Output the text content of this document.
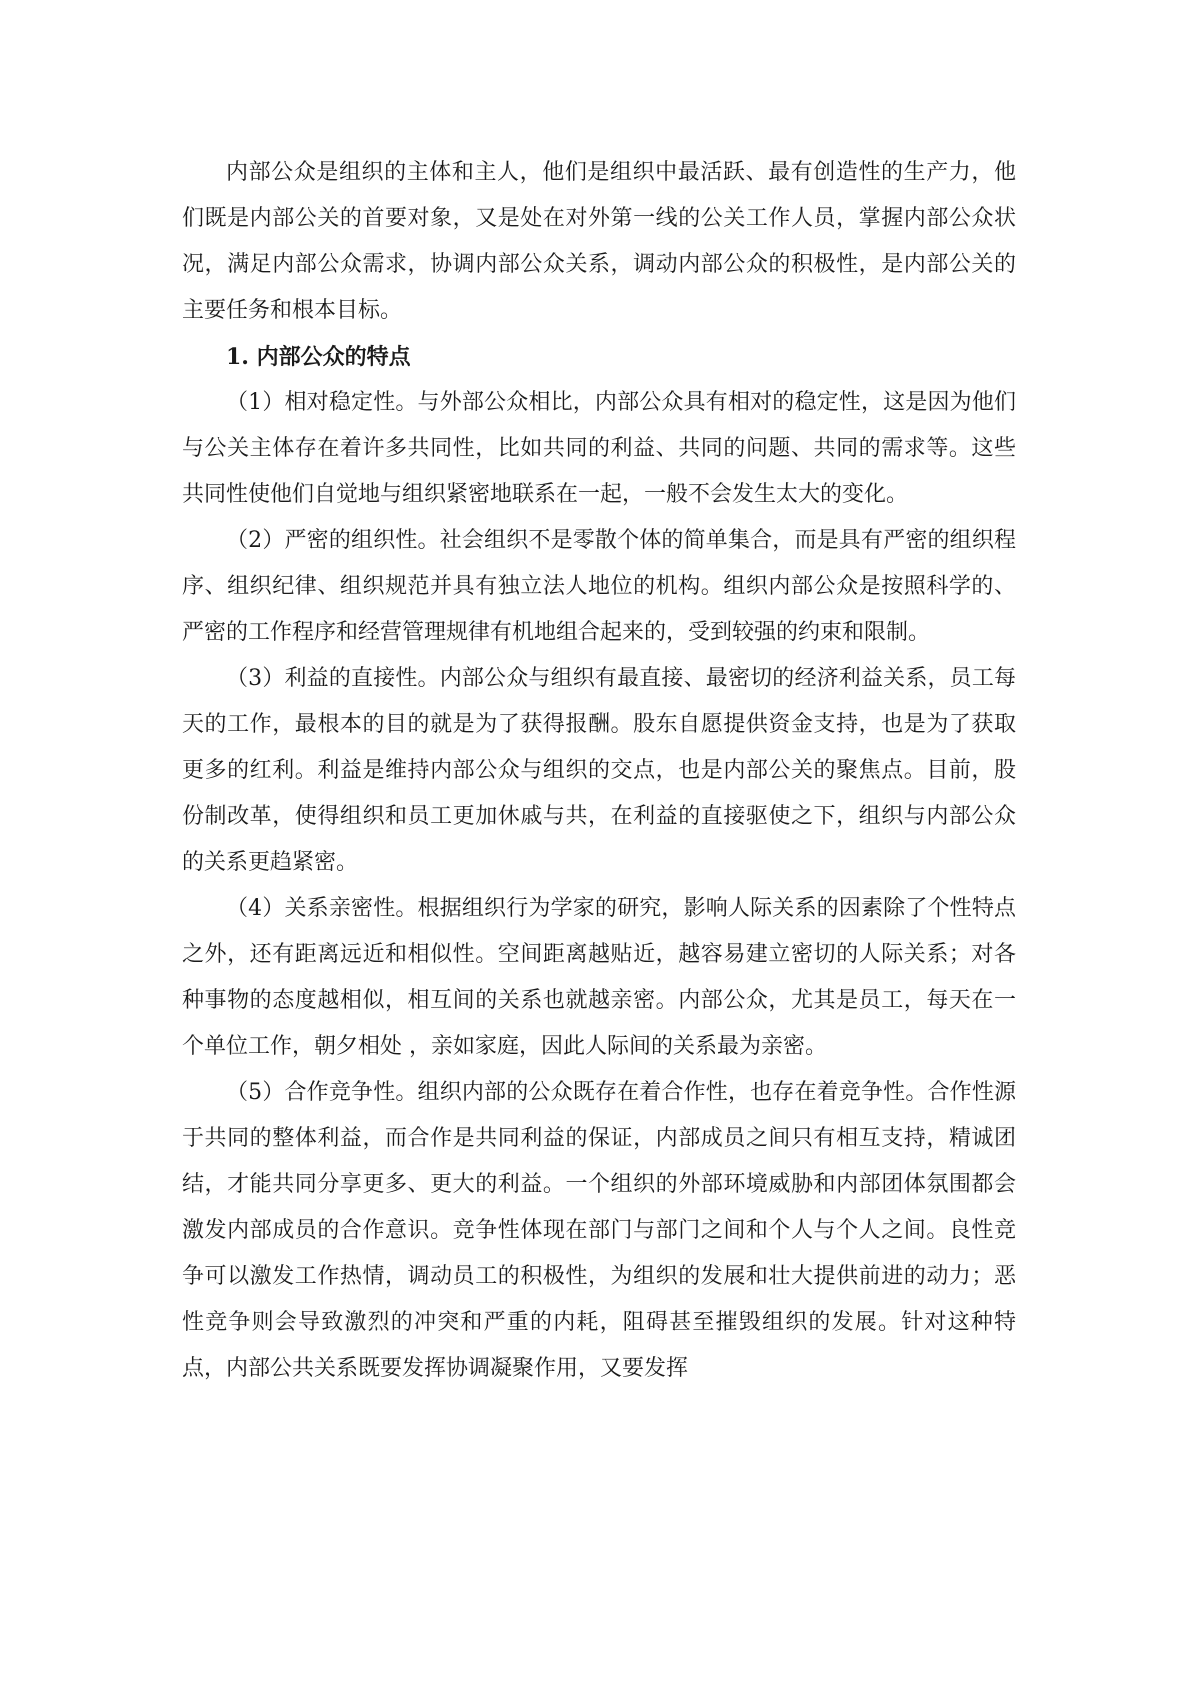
内部公众是组织的主体和主人，他们是组织中最活跃、最有创造性的生产力，他们既是内部公关的首要对象，又是处在对外第一线的公关工作人员，掌握内部公众状况，满足内部公众需求，协调内部公众关系，调动内部公众的积极性，是内部公关的主要任务和根本目标。

1. 内部公众的特点

（1）相对稳定性。与外部公众相比，内部公众具有相对的稳定性，这是因为他们与公关主体存在着许多共同性，比如共同的利益、共同的问题、共同的需求等。这些共同性使他们自觉地与组织紧密地联系在一起，一般不会发生太大的变化。

（2）严密的组织性。社会组织不是零散个体的简单集合，而是具有严密的组织程序、组织纪律、组织规范并具有独立法人地位的机构。组织内部公众是按照科学的、严密的工作程序和经营管理规律有机地组合起来的，受到较强的约束和限制。

（3）利益的直接性。内部公众与组织有最直接、最密切的经济利益关系，员工每天的工作，最根本的目的就是为了获得报酬。股东自愿提供资金支持，也是为了获取更多的红利。利益是维持内部公众与组织的交点，也是内部公关的聚焦点。目前，股份制改革，使得组织和员工更加休戚与共，在利益的直接驱使之下，组织与内部公众的关系更趋紧密。

（4）关系亲密性。根据组织行为学家的研究，影响人际关系的因素除了个性特点之外，还有距离远近和相似性。空间距离越贴近，越容易建立密切的人际关系；对各种事物的态度越相似，相互间的关系也就越亲密。内部公众，尤其是员工，每天在一个单位工作，朝夕相处 ，亲如家庭，因此人际间的关系最为亲密。

（5）合作竞争性。组织内部的公众既存在着合作性，也存在着竞争性。合作性源于共同的整体利益，而合作是共同利益的保证，内部成员之间只有相互支持，精诚团结，才能共同分享更多、更大的利益。一个组织的外部环境威胁和内部团体氛围都会激发内部成员的合作意识。竞争性体现在部门与部门之间和个人与个人之间。良性竞争可以激发工作热情，调动员工的积极性，为组织的发展和壮大提供前进的动力；恶性竞争则会导致激烈的冲突和严重的内耗，阻碍甚至摧毁组织的发展。针对这种特点，内部公共关系既要发挥协调凝聚作用，又要发挥
